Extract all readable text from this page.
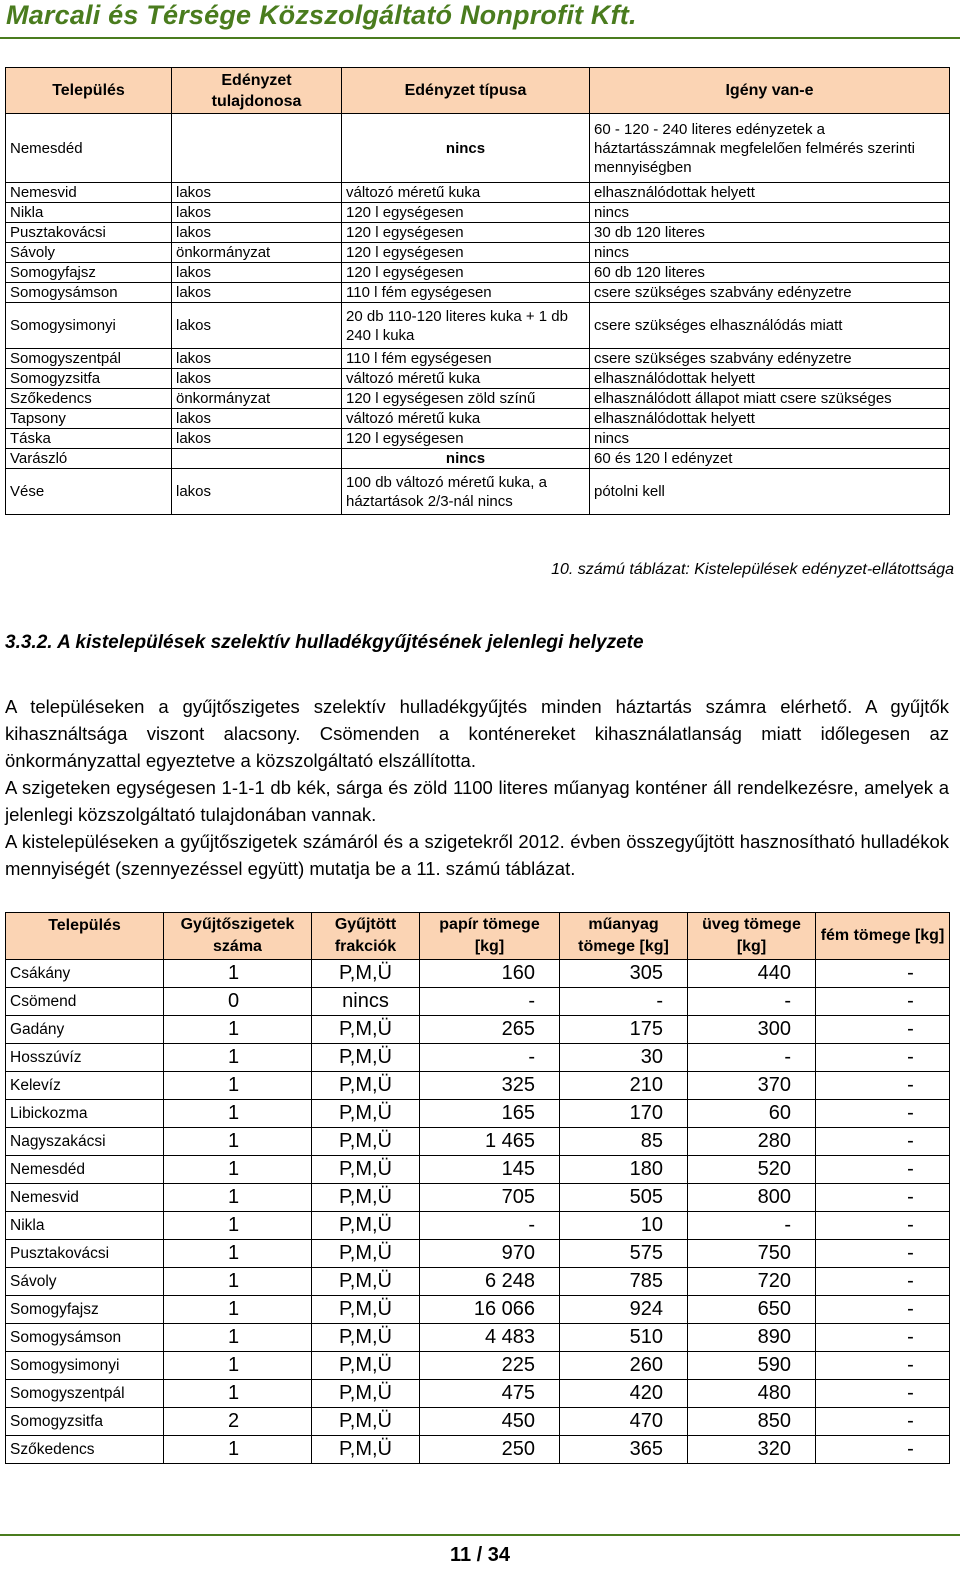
Marcali és Térsége Közszolgáltató Nonprofit Kft.
Település	Edényzet tulajdonosa	Edényzet típusa	Igény van-e
Nemesdéd		nincs	60 - 120 - 240 literes edényzetek a háztartásszámnak megfelelően felmérés szerinti mennyiségben
Nemesvid	lakos	változó méretű kuka	elhasználódottak helyett
Nikla	lakos	120 l egységesen	nincs
Pusztakovácsi	lakos	120 l egységesen	30 db 120 literes
Sávoly	önkormányzat	120 l egységesen	nincs
Somogyfajsz	lakos	120 l egységesen	60 db 120 literes
Somogysámson	lakos	110 l fém egységesen	csere szükséges szabvány edényzetre
Somogysimonyi	lakos	20 db 110-120 literes kuka + 1 db 240 l kuka	csere szükséges elhasználódás miatt
Somogyszentpál	lakos	110 l fém egységesen	csere szükséges szabvány edényzetre
Somogyzsitfa	lakos	változó méretű kuka	elhasználódottak helyett
Szőkedencs	önkormányzat	120 l egységesen zöld színű	elhasználódott állapot miatt csere szükséges
Tapsony	lakos	változó méretű kuka	elhasználódottak helyett
Táska	lakos	120 l egységesen	nincs
Varászló		nincs	60 és 120 l edényzet
Vése	lakos	100 db változó méretű kuka, a háztartások 2/3-nál nincs	pótolni kell
10. számú táblázat: Kistelepülések edényzet-ellátottsága
3.3.2. A kistelepülések szelektív hulladékgyűjtésének jelenlegi helyzete

A településeken a gyűjtőszigetes szelektív hulladékgyűjtés minden háztartás számra elérhető. A gyűjtők kihasználtsága viszont alacsony. Csömenden a konténereket kihasználatlanság miatt időlegesen az önkormányzattal egyeztetve a közszolgáltató elszállította.

A szigeteken egységesen 1-1-1 db kék, sárga és zöld 1100 literes műanyag konténer áll rendelkezésre, amelyek a jelenlegi közszolgáltató tulajdonában vannak.

A kistelepüléseken a gyűjtőszigetek számáról és a szigetekről 2012. évben összegyűjtött hasznosítható hulladékok mennyiségét (szennyezéssel együtt) mutatja be a 11. számú táblázat.

Település	Gyűjtőszigetek száma	Gyűjtött frakciók	papír tömege [kg]	műanyag tömege [kg]	üveg tömege [kg]	fém tömege [kg]
Csákány	1	P,M,Ü	160	305	440	-
Csömend	0	nincs	-	-	-	-
Gadány	1	P,M,Ü	265	175	300	-
Hosszúvíz	1	P,M,Ü	-	30	-	-
Kelevíz	1	P,M,Ü	325	210	370	-
Libickozma	1	P,M,Ü	165	170	60	-
Nagyszakácsi	1	P,M,Ü	1 465	85	280	-
Nemesdéd	1	P,M,Ü	145	180	520	-
Nemesvid	1	P,M,Ü	705	505	800	-
Nikla	1	P,M,Ü	-	10	-	-
Pusztakovácsi	1	P,M,Ü	970	575	750	-
Sávoly	1	P,M,Ü	6 248	785	720	-
Somogyfajsz	1	P,M,Ü	16 066	924	650	-
Somogysámson	1	P,M,Ü	4 483	510	890	-
Somogysimonyi	1	P,M,Ü	225	260	590	-
Somogyszentpál	1	P,M,Ü	475	420	480	-
Somogyzsitfa	2	P,M,Ü	450	470	850	-
Szőkedencs	1	P,M,Ü	250	365	320	-
11 / 34
